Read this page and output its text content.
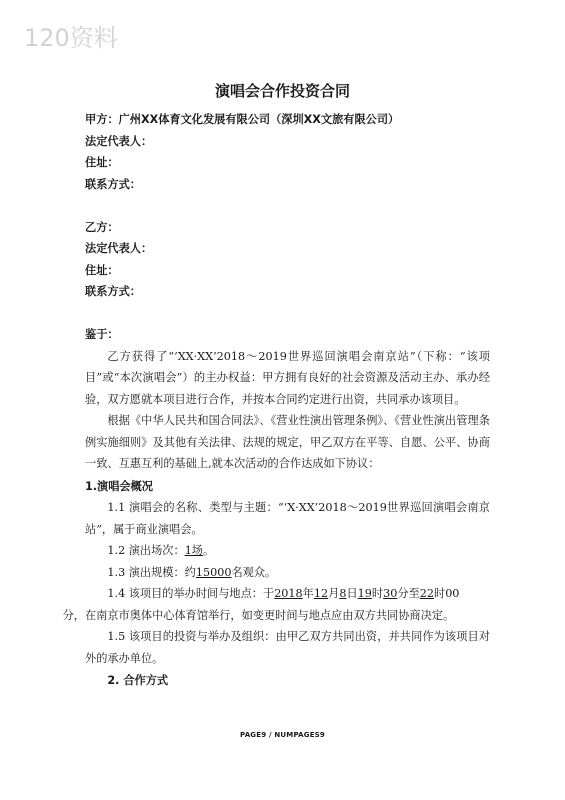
120资料
演唱会合作投资合同
甲方：广州XX体育文化发展有限公司（深圳XX文旅有限公司）
法定代表人：
住址：
联系方式：
乙方：
法定代表人：
住址：
联系方式：
鉴于：
乙方获得了“‘XX·XX’2018～2019世界巡回演唱会南京站”（下称：“该项目”或“本次演唱会”）的主办权益：甲方拥有良好的社会资源及活动主办、承办经验，双方愿就本项目进行合作，并按本合同约定进行出资，共同承办该项目。
根据《中华人民共和国合同法》、《营业性演出管理条例》、《营业性演出管理条例实施细则》及其他有关法律、法规的规定，甲乙双方在平等、自愿、公平、协商一致、互惠互利的基础上,就本次活动的合作达成如下协议：
1.演唱会概况
1.1 演唱会的名称、类型与主题：“‘X·XX’2018～2019世界巡回演唱会南京站”，属于商业演唱会。
1.2 演出场次：1场。
1.3 演出规模：约15000名观众。
1.4 该项目的举办时间与地点：于2018年12月8日19时30分至22时00
分，在南京市奥体中心体育馆举行，如变更时间与地点应由双方共同协商决定。
1.5 该项目的投资与举办及组织：由甲乙双方共同出资，并共同作为该项目对外的承办单位。
2. 合作方式
PAGE9 / NUMPAGES9
